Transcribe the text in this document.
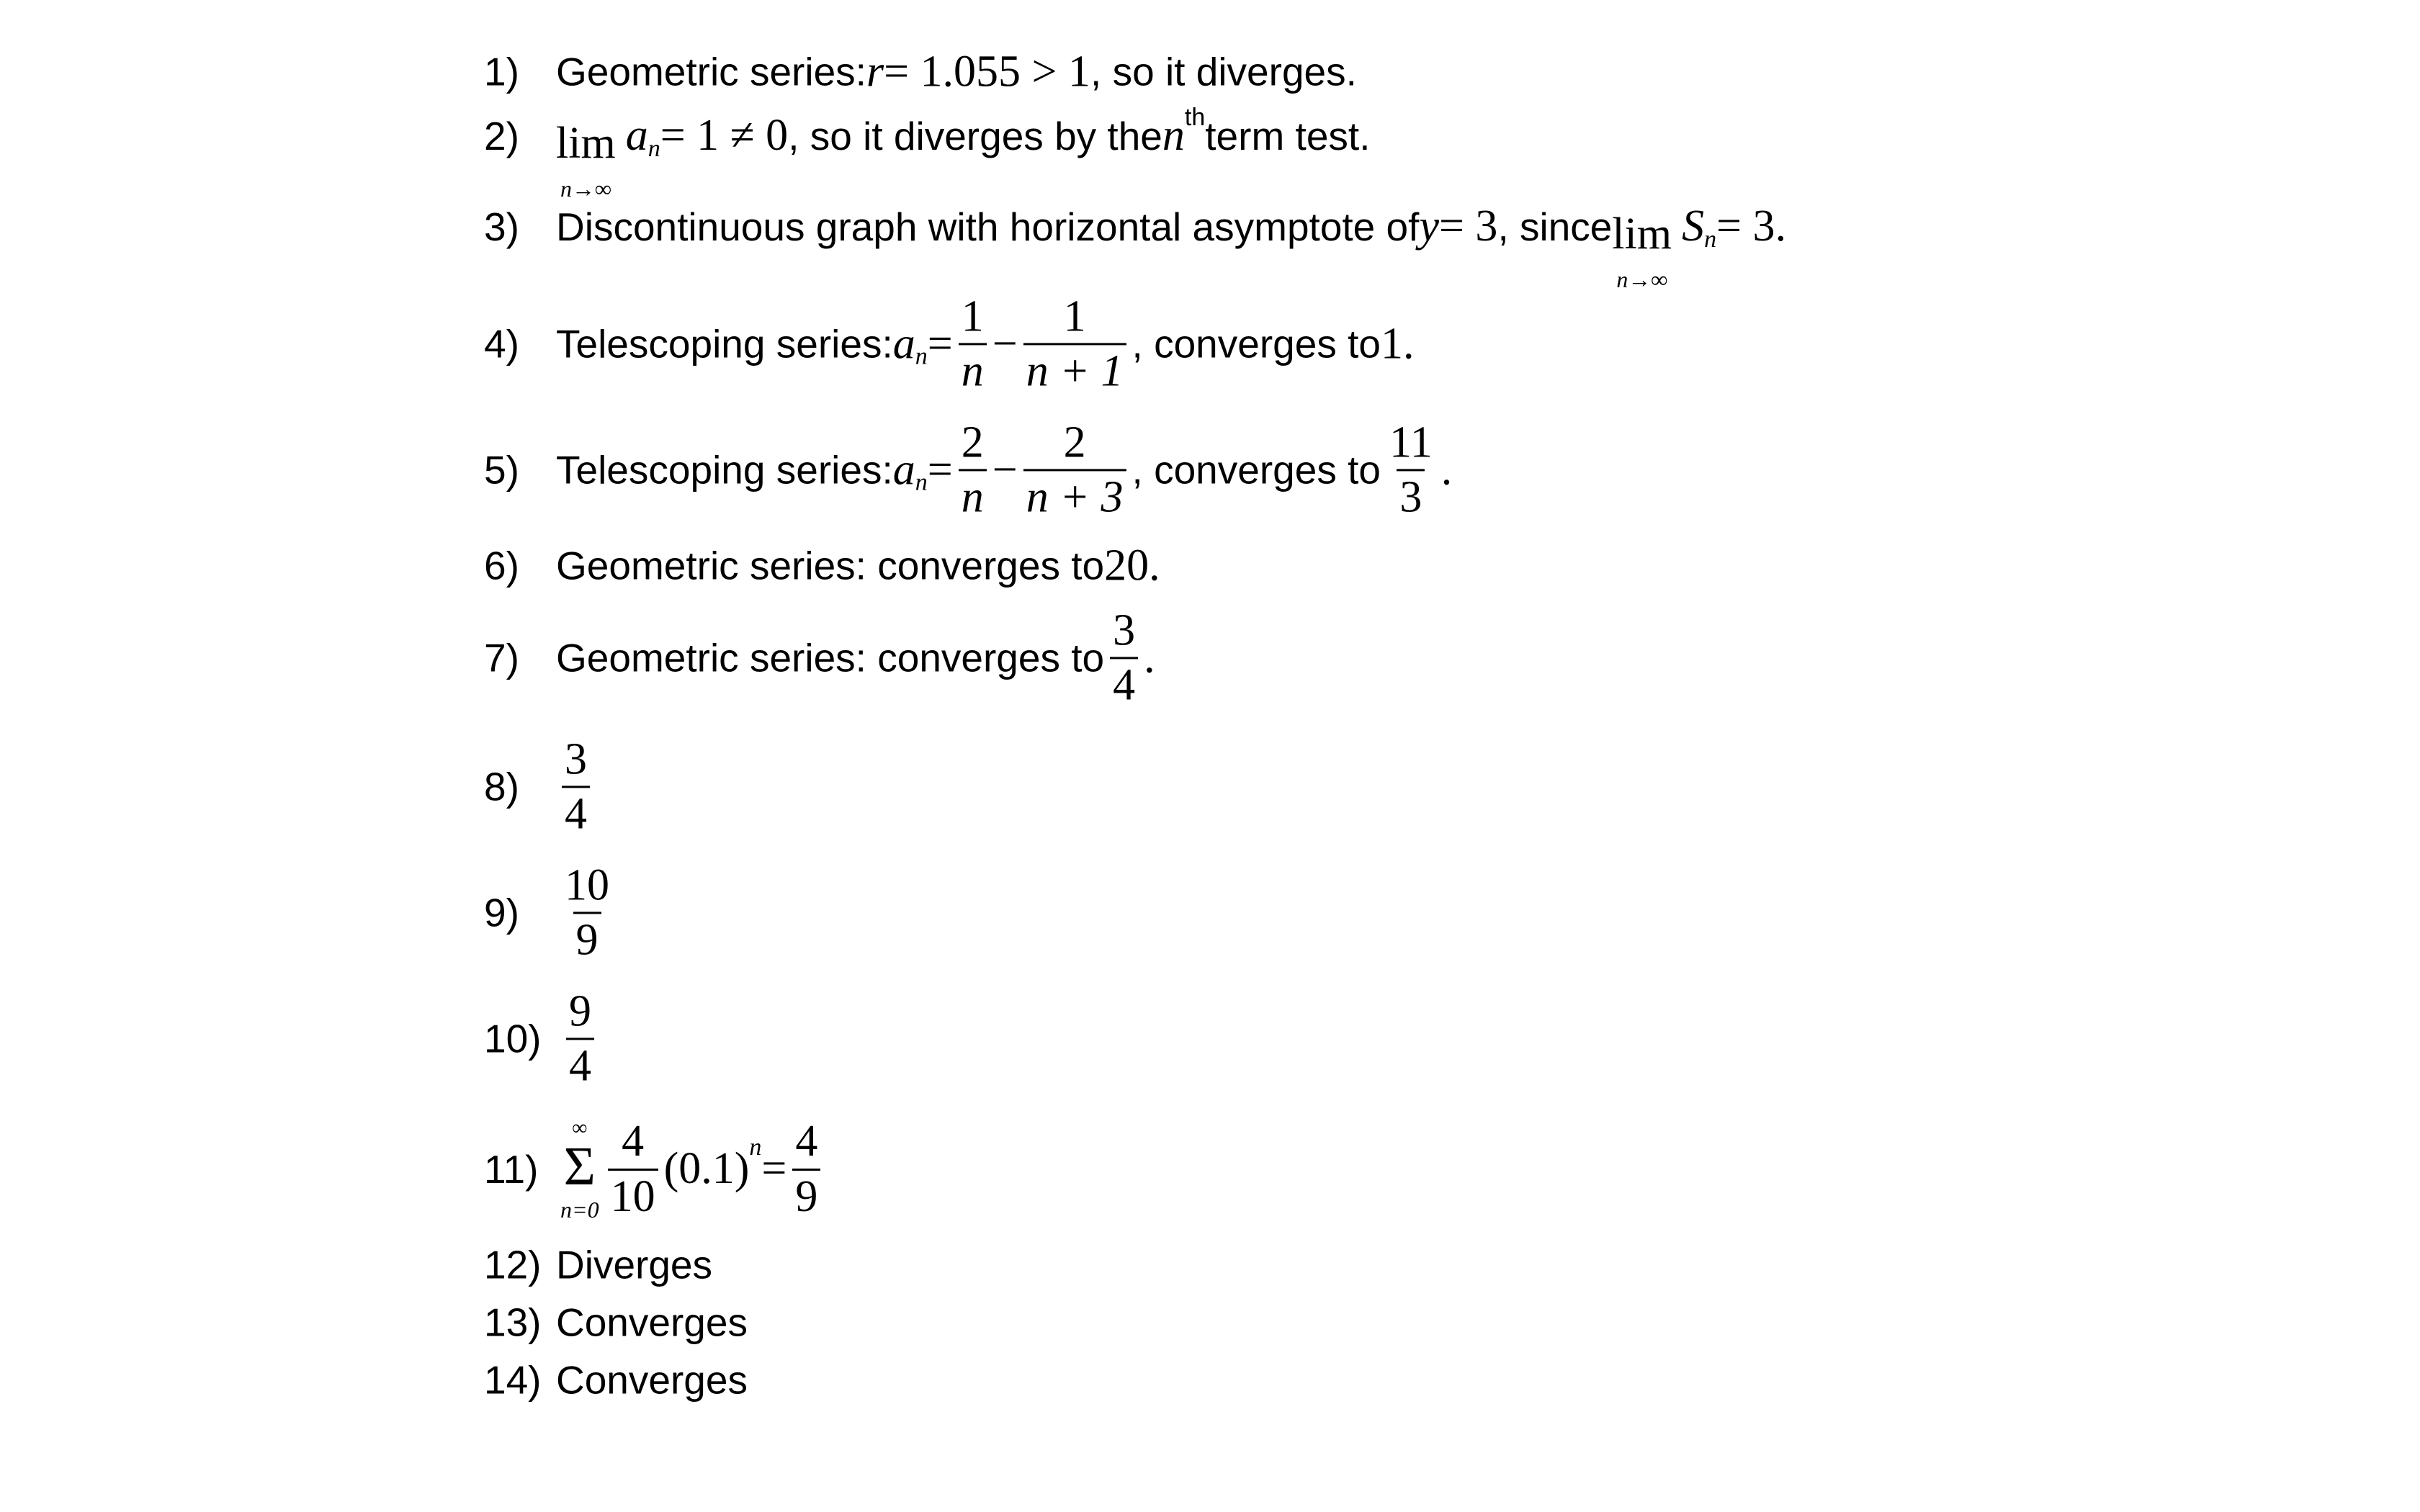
1) Geometric series: r = 1.055 > 1 , so it diverges.
2) lim
n→∞
a n = 1 ≠ 0 , so it diverges by the n th term test.
3) Discontinuous graph with horizontal asymptote of y = 3 , since lim
n→∞
S n = 3 .
4) Telescoping series: a $n = \frac{1}{n} - \frac{1}{n + 1}$ , converges to 1 .
5) Telescoping series: a $n = \frac{2}{n} - \frac{2}{n + 3}$ , converges to $\frac{11}{3}$ .
6) Geometric series: converges to 20 .
7) Geometric series: converges to $\frac{3}{4}$ .
$8) \frac{3}{4}$
$9) \frac{10}{9}$
$10) \frac{9}{4}$
11)
∞
Σ
$n=0 \frac{4}{10} (0.1) n = \frac{4}{9}$
12) Diverges
13) Converges
14) Converges
